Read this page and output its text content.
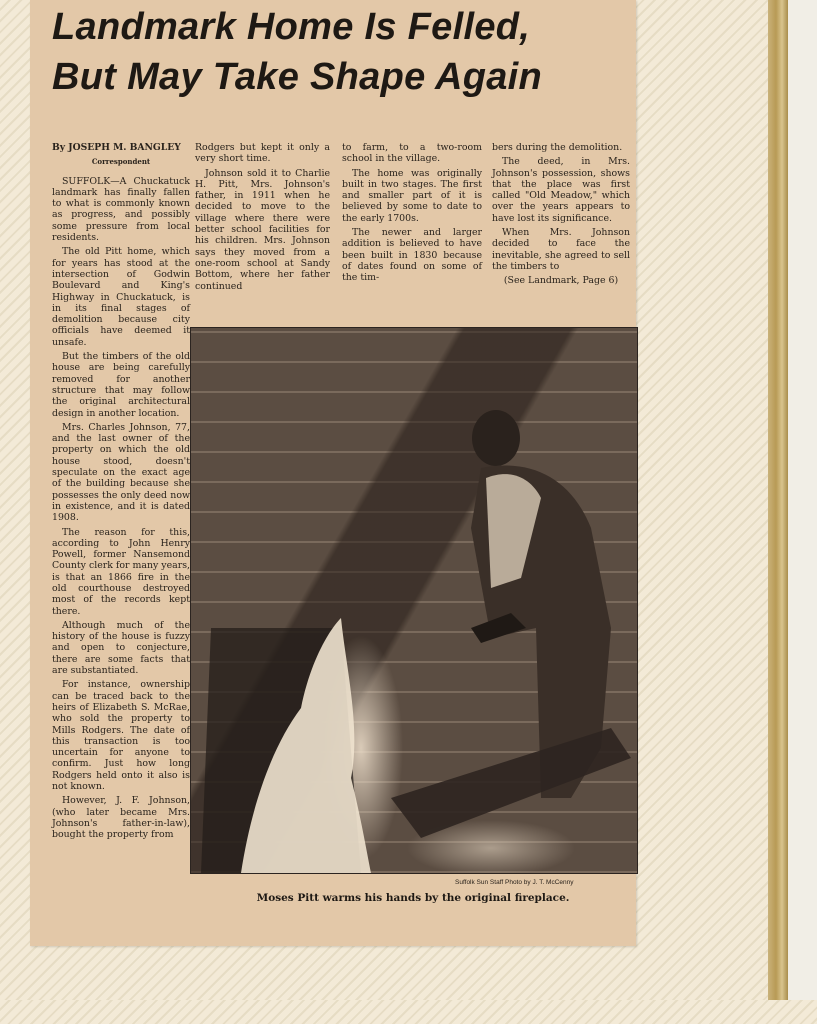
Landmark Home Is Felled,
But May Take Shape Again

By JOSEPH M. BANGLEY

Correspondent

SUFFOLK—A Chuckatuck landmark has finally fallen to what is commonly known as progress, and possibly some pressure from local residents.

The old Pitt home, which for years has stood at the intersection of Godwin Boulevard and King's Highway in Chuckatuck, is in its final stages of demolition because city officials have deemed it unsafe.

But the timbers of the old house are being carefully removed for another structure that may follow the original architectural design in another location.

Mrs. Charles Johnson, 77, and the last owner of the property on which the old house stood, doesn't speculate on the exact age of the building because she possesses the only deed now in existence, and it is dated 1908.

The reason for this, according to John Henry Powell, former Nansemond County clerk for many years, is that an 1866 fire in the old courthouse destroyed most of the records kept there.

Although much of the history of the house is fuzzy and open to conjecture, there are some facts that are substantiated.

For instance, ownership can be traced back to the heirs of Elizabeth S. McRae, who sold the property to Mills Rodgers. The date of this transaction is too uncertain for anyone to confirm. Just how long Rodgers held onto it also is not known.

However, J. F. Johnson, (who later became Mrs. Johnson's father-in-law), bought the property from

Rodgers but kept it only a very short time.

Johnson sold it to Charlie H. Pitt, Mrs. Johnson's father, in 1911 when he decided to move to the village where there were better school facilities for his children. Mrs. Johnson says they moved from a one-room school at Sandy Bottom, where her father continued

to farm, to a two-room school in the village.

The home was originally built in two stages. The first and smaller part of it is believed by some to date to the early 1700s.

The newer and larger addition is believed to have been built in 1830 because of dates found on some of the tim-

bers during the demolition.

The deed, in Mrs. Johnson's possession, shows that the place was first called "Old Meadow," which over the years appears to have lost its significance.

When Mrs. Johnson decided to face the inevitable, she agreed to sell the timbers to

(See Landmark, Page 6)

Suffolk Sun Staff Photo by J. T. McCenny
Moses Pitt warms his hands by the original fireplace.
